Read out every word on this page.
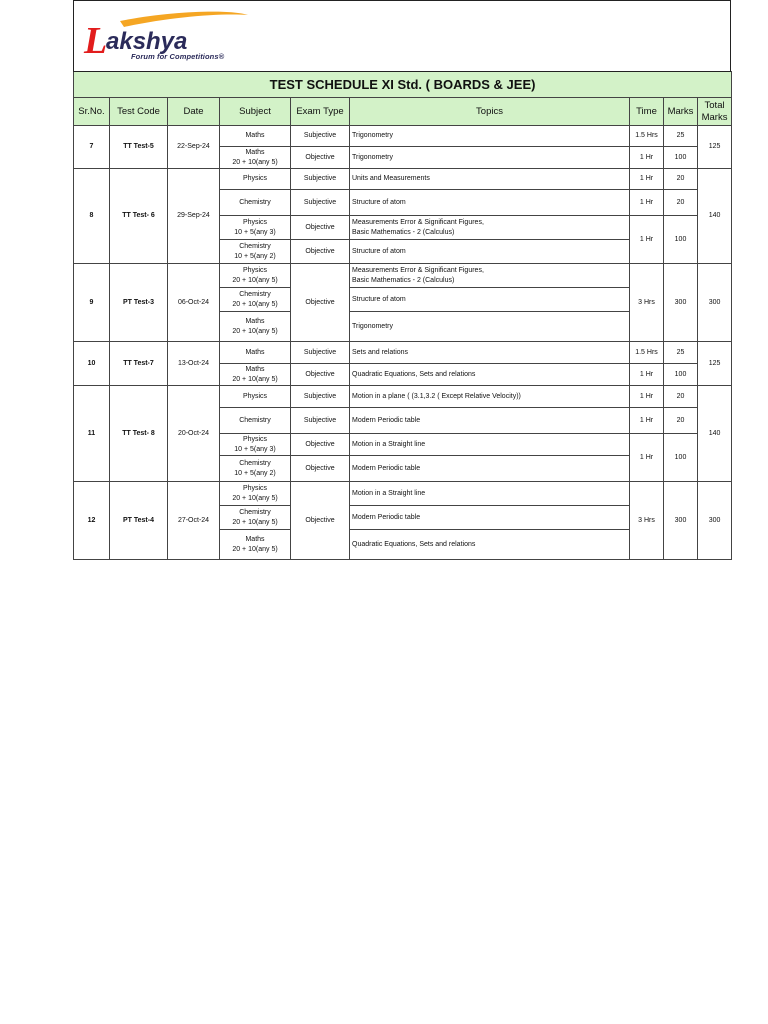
L
akshya
Forum for Competitions®
TEST SCHEDULE XI Std. ( BOARDS & JEE)								
Sr.No.	Test Code	Date	Subject	Exam Type	Topics	Time	Marks	Total
Marks
7	TT Test-5	22-Sep-24	Maths	Subjective	Trigonometry	1.5 Hrs	25	125
			Maths
20 + 10(any 5)	Objective	Trigonometry	1 Hr	100	
8	TT Test- 6	29-Sep-24	Physics	Subjective	Units and Measurements	1 Hr	20	140
			Chemistry	Subjective	Structure of atom	1 Hr	20	
			Physics
10 + 5(any 3)	Objective	Measurements Error & Significant Figures,
Basic Mathematics - 2 (Calculus)	1 Hr	100	
			Chemistry
10 + 5(any 2)	Objective	Structure of atom			
9	PT Test-3	06-Oct-24	Physics
20 + 10(any 5)	Objective	Measurements Error & Significant Figures,
Basic Mathematics - 2 (Calculus)	3 Hrs	300	300
			Chemistry
20 + 10(any 5)		Structure of atom			
			Maths
20 + 10(any 5)		Trigonometry			
10	TT Test-7	13-Oct-24	Maths	Subjective	Sets and relations	1.5 Hrs	25	125
			Maths
20 + 10(any 5)	Objective	Quadratic Equations, Sets and relations	1 Hr	100	
11	TT Test- 8	20-Oct-24	Physics	Subjective	Motion in a plane ( (3.1,3.2 ( Except Relative Velocity))	1 Hr	20	140
			Chemistry	Subjective	Modern Periodic table	1 Hr	20	
			Physics
10 + 5(any 3)	Objective	Motion in a Straight line	1 Hr	100	
			Chemistry
10 + 5(any 2)	Objective	Modern Periodic table			
12	PT Test-4	27-Oct-24	Physics
20 + 10(any 5)	Objective	Motion in a Straight line	3 Hrs	300	300
			Chemistry
20 + 10(any 5)		Modern Periodic table			
			Maths
20 + 10(any 5)		Quadratic Equations, Sets and relations			
